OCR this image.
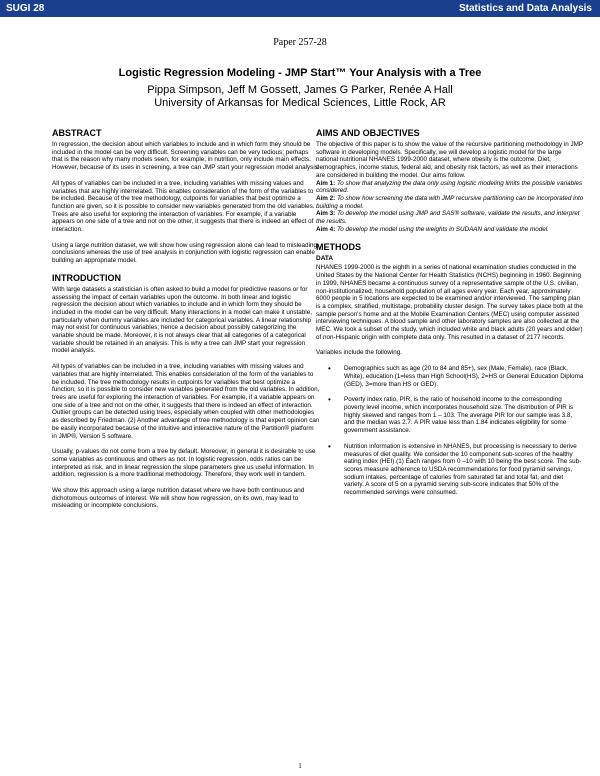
SUGI 28	Statistics and Data Analysis
Paper 257-28
Logistic Regression Modeling - JMP Start™ Your Analysis with a Tree
Pippa Simpson, Jeff M Gossett, James G Parker, Renée A Hall
University of Arkansas for Medical Sciences, Little Rock, AR
ABSTRACT

In regression, the decision about which variables to include and in which form they should be included in the model can be very difficult. Screening variables can be very tedious; perhaps that is the reason why many models seen, for example, in nutrition, only include main effects. However, because of its uses in screening, a tree can JMP start your regression model analysis.

All types of variables can be included in a tree, including variables with missing values and variables that are highly interrelated. This enables consideration of the form of the variables to be included. Because of the tree methodology, cutpoints for variables that best optimize a function are given, so it is possible to consider new variables generated from the old variables. Trees are also useful for exploring the interaction of variables. For example, if a variable appears on one side of a tree and not on the other, it suggests that there is indeed an effect of interaction.

Using a large nutrition dataset, we will show how using regression alone can lead to misleading conclusions whereas the use of tree analysis in conjunction with logistic regression can enable building an appropriate model.

INTRODUCTION

With large datasets a statistician is often asked to build a model for predictive reasons or for assessing the impact of certain variables upon the outcome. In both linear and logistic regression the decision about which variables to include and in which form they should be included in the model can be very difficult. Many interactions in a model can make it unstable, particularly when dummy variables are included for categorical variables. A linear relationship may not exist for continuous variables; hence a decision about possibly categorizing the variable should be made. Moreover, it is not always clear that all categories of a categorical variable should be retained in an analysis. This is why a tree can JMP start your regression model analysis.

All types of variables can be included in a tree, including variables with missing values and variables that are highly interrelated. This enables consideration of the form of the variables to be included. The tree methodology results in cutpoints for variables that best optimize a function; so it is possible to consider new variables generated from the old variables. In addition, trees are useful for exploring the interaction of variables. For example, if a variable appears on one side of a tree and not on the other, it suggests that there is indeed an effect of interaction. Outlier groups can be detected using trees, especially when coupled with other methodologies as described by Friedman. (2) Another advantage of tree methodology is that expert opinion can be easily incorporated because of the intuitive and interactive nature of the Partition® platform in JMP®, Version 5 software.

Usually, p-values do not come from a tree by default. Moreover, in general it is desirable to use some variables as continuous and others as not. In logistic regression, odds ratios can be interpreted as risk, and in linear regression the slope parameters give us useful information. In addition, regression is a more traditional methodology. Therefore, they work well in tandem.

We show this approach using a large nutrition dataset where we have both continuous and dichotomous outcomes of interest. We will show how regression, on its own, may lead to misleading or incomplete conclusions.

AIMS AND OBJECTIVES

The objective of this paper is to show the value of the recursive partitioning methodology in JMP software in developing models. Specifically, we will develop a logistic model for the large national nutritional NHANES 1999-2000 dataset, where obesity is the outcome. Diet, demographics, income status, federal aid, and obesity risk factors, as well as their interactions are considered in building the model. Our aims follow.

Aim 1: To show that analyzing the data only using logistic modeling limits the possible variables considered.
Aim 2: To show how screening the data with JMP recursive partitioning can be incorporated into building a model.
Aim 3: To develop the model using JMP and SAS® software, validate the results, and interpret the results.
Aim 4: To develop the model using the weights in SUDAAN and validate the model.
METHODS
DATA

NHANES 1999-2000 is the eighth in a series of national examination studies conducted in the United States by the National Center for Health Statistics (NCHS) beginning in 1960. Beginning in 1999, NHANES became a continuous survey of a representative sample of the U.S. civilian, non-institutionalized, household population of all ages every year. Each year, approximately 6000 people in 5 locations are expected to be examined and/or interviewed. The sampling plan is a complex, stratified, multistage, probability cluster design. The survey takes place both at the sample person's home and at the Mobile Examination Centers (MEC) using computer assisted interviewing techniques. A blood sample and other laboratory samples are also collected at the MEC. We took a subset of the study, which included white and black adults (20 years and older) of non-Hispanic origin with complete data only. This resulted in a dataset of 2177 records.

Variables include the following.

• Demographics such as age (20 to 84 and 85+), sex (Male, Female), race (Black, White), education (1=less than High School(HS), 2=HS or General Education Diploma (GED), 3=more than HS or GED).
• Poverty index ratio, PIR, is the ratio of household income to the corresponding poverty level income, which incorporates household size. The distribution of PIR is highly skewed and ranges from 1 – 103. The average PIR for our sample was 3.8, and the median was 2.7. A PIR value less than 1.84 indicates eligibility for some government assistance.
• Nutrition information is extensive in NHANES, but processing is necessary to derive measures of diet quality. We consider the 10 component sub-scores of the healthy eating index (HEI).(1) Each ranges from 0 –10 with 10 being the best score. The sub-scores measure adherence to USDA recommendations for food pyramid servings, sodium intakes, percentage of calories from saturated fat and total fat, and diet variety. A score of 5 on a pyramid serving sub-score indicates that 50% of the recommended servings were consumed.
1
